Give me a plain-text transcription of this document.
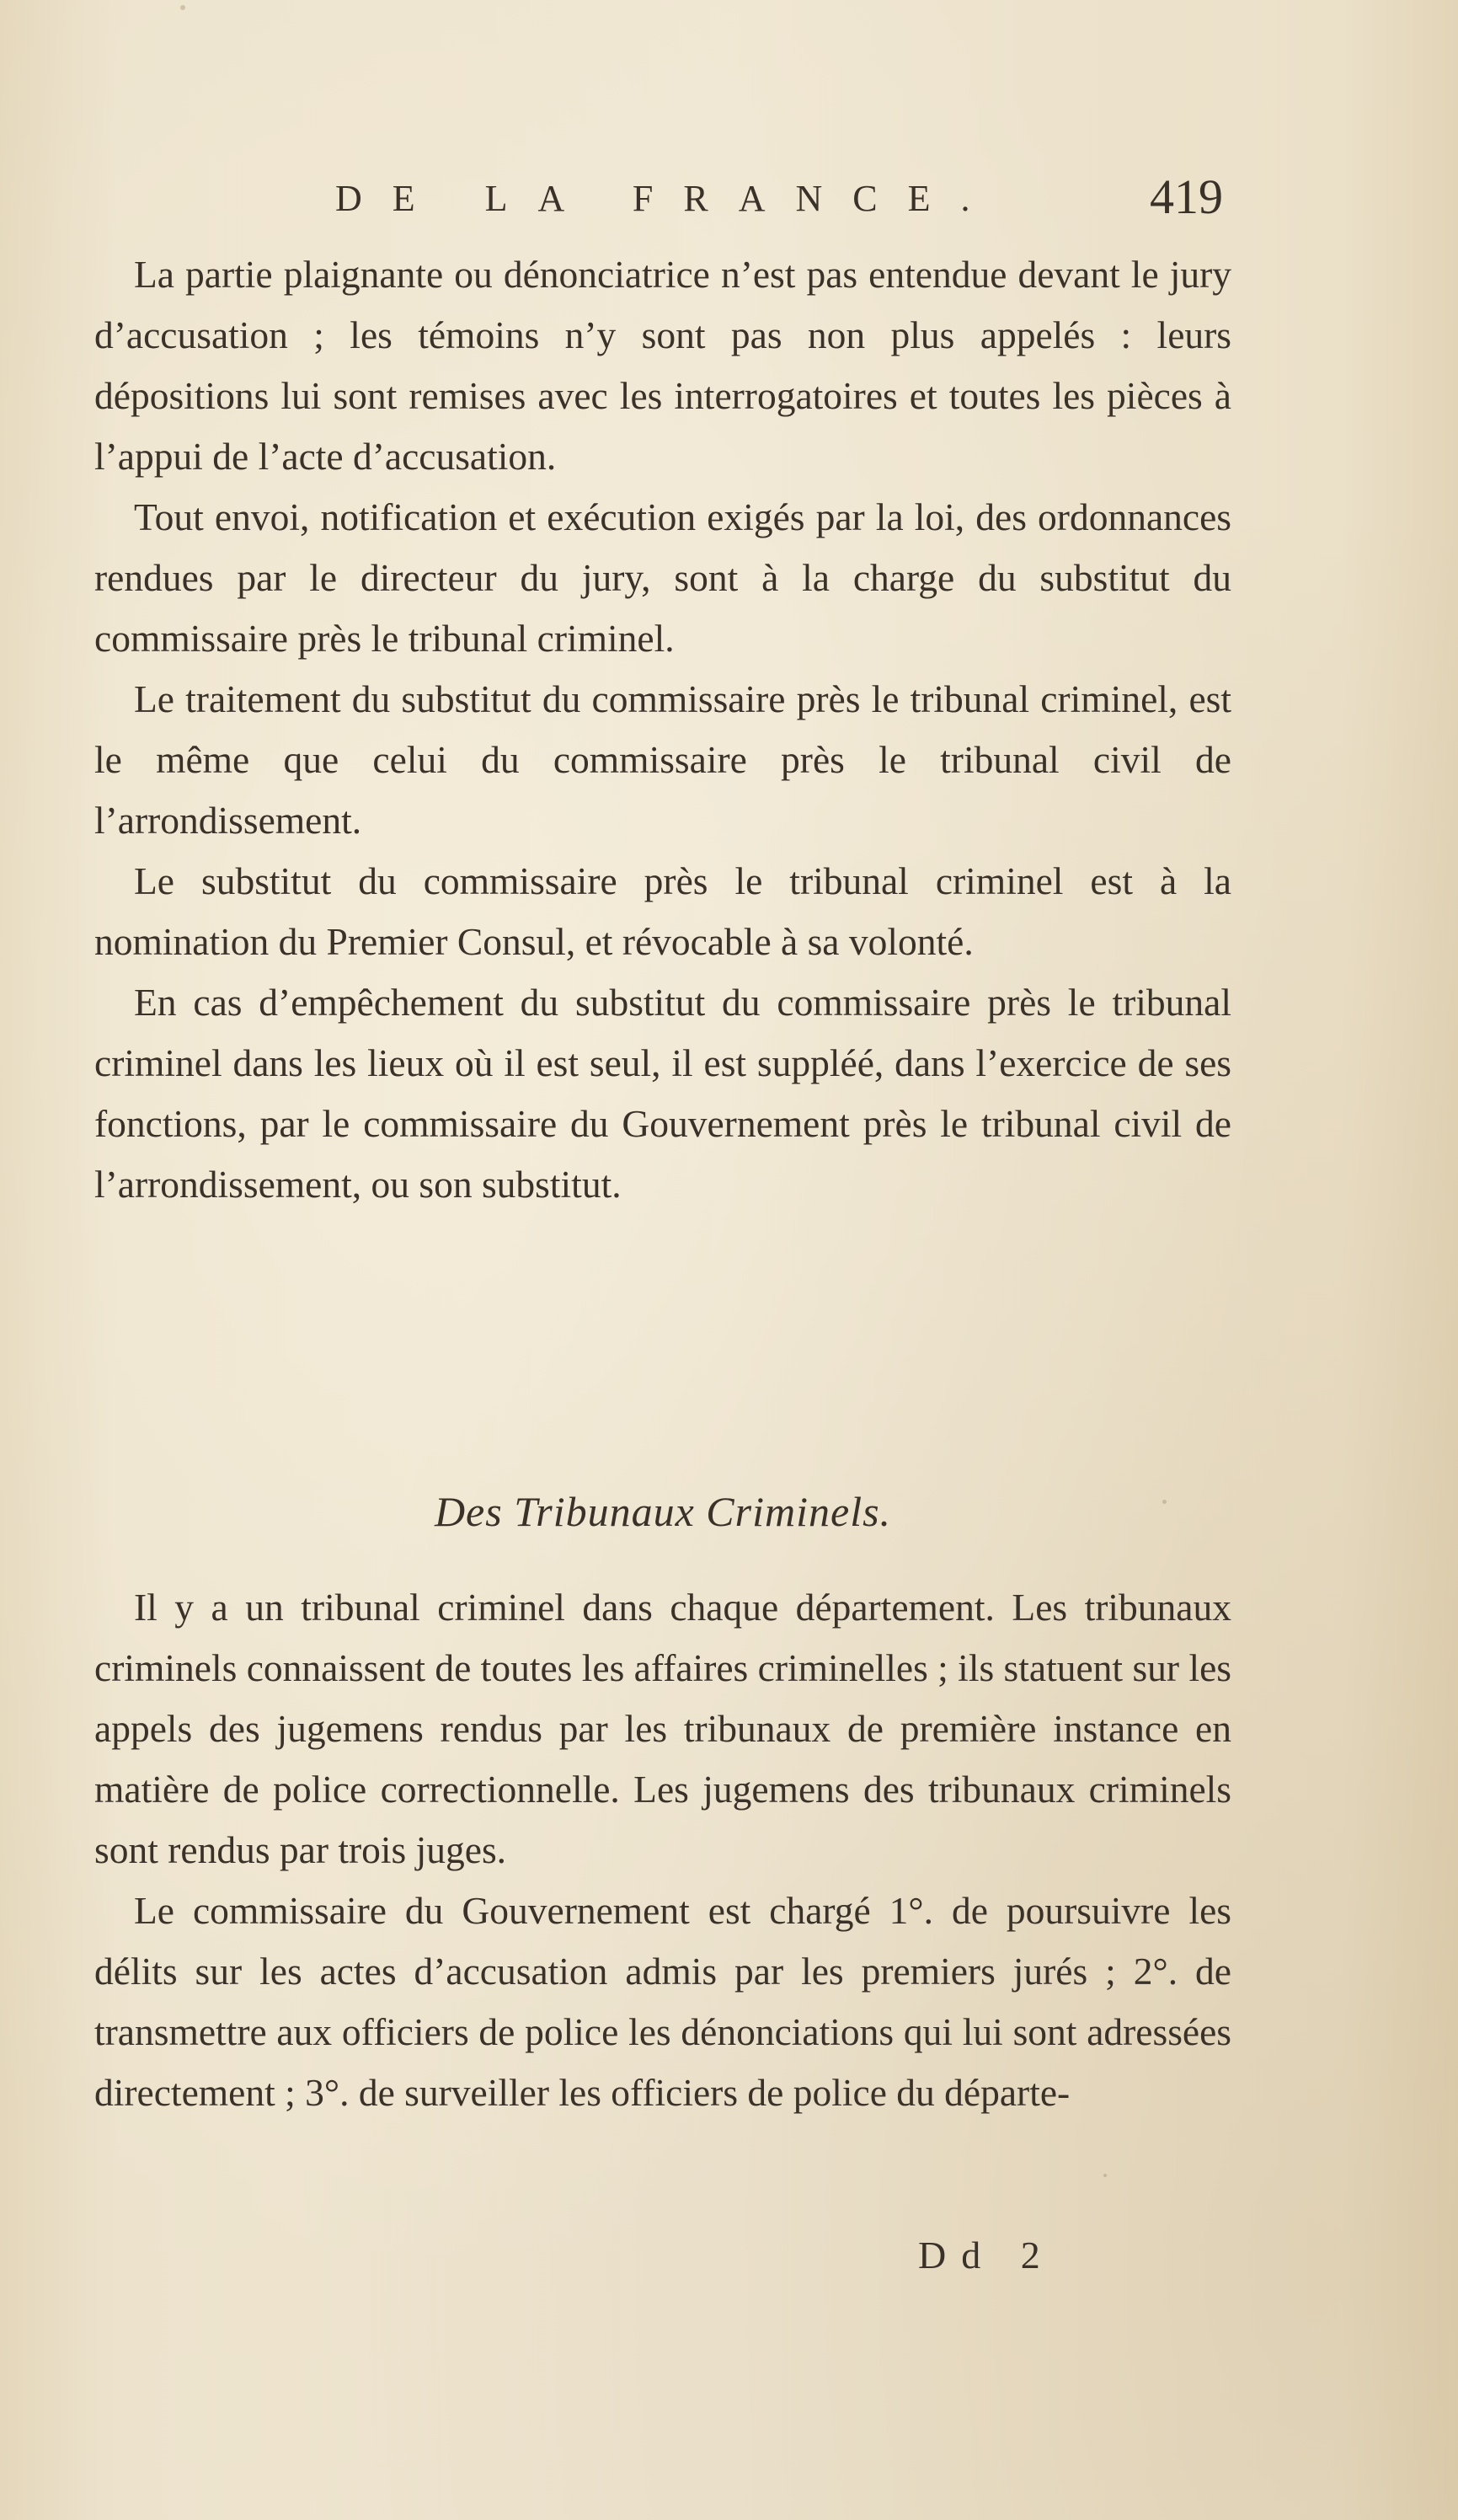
DE LA FRANCE.	419

La partie plaignante ou dénonciatrice n’est pas entendue devant le jury d’accusation ; les témoins n’y sont pas non plus appelés : leurs dépositions lui sont remises avec les interrogatoires et toutes les pièces à l’appui de l’acte d’accusation.

Tout envoi, notification et exécution exigés par la loi, des ordonnances rendues par le directeur du jury, sont à la charge du substitut du commissaire près le tribunal criminel.

Le traitement du substitut du commissaire près le tribunal criminel, est le même que celui du commissaire près le tribunal civil de l’arrondissement.

Le substitut du commissaire près le tribunal criminel est à la nomination du Premier Consul, et révocable à sa volonté.

En cas d’empêchement du substitut du commissaire près le tribunal criminel dans les lieux où il est seul, il est suppléé, dans l’exercice de ses fonctions, par le commissaire du Gouvernement près le tribunal civil de l’arrondissement, ou son substitut.

Des Tribunaux Criminels.

Il y a un tribunal criminel dans chaque département. Les tribunaux criminels connaissent de toutes les affaires criminelles ; ils statuent sur les appels des jugemens rendus par les tribunaux de première instance en matière de police correctionnelle. Les jugemens des tribunaux criminels sont rendus par trois juges.

Le commissaire du Gouvernement est chargé 1°. de poursuivre les délits sur les actes d’accusation admis par les premiers jurés ; 2°. de transmettre aux officiers de police les dénonciations qui lui sont adressées directement ; 3°. de surveiller les officiers de police du départe-

Dd 2
